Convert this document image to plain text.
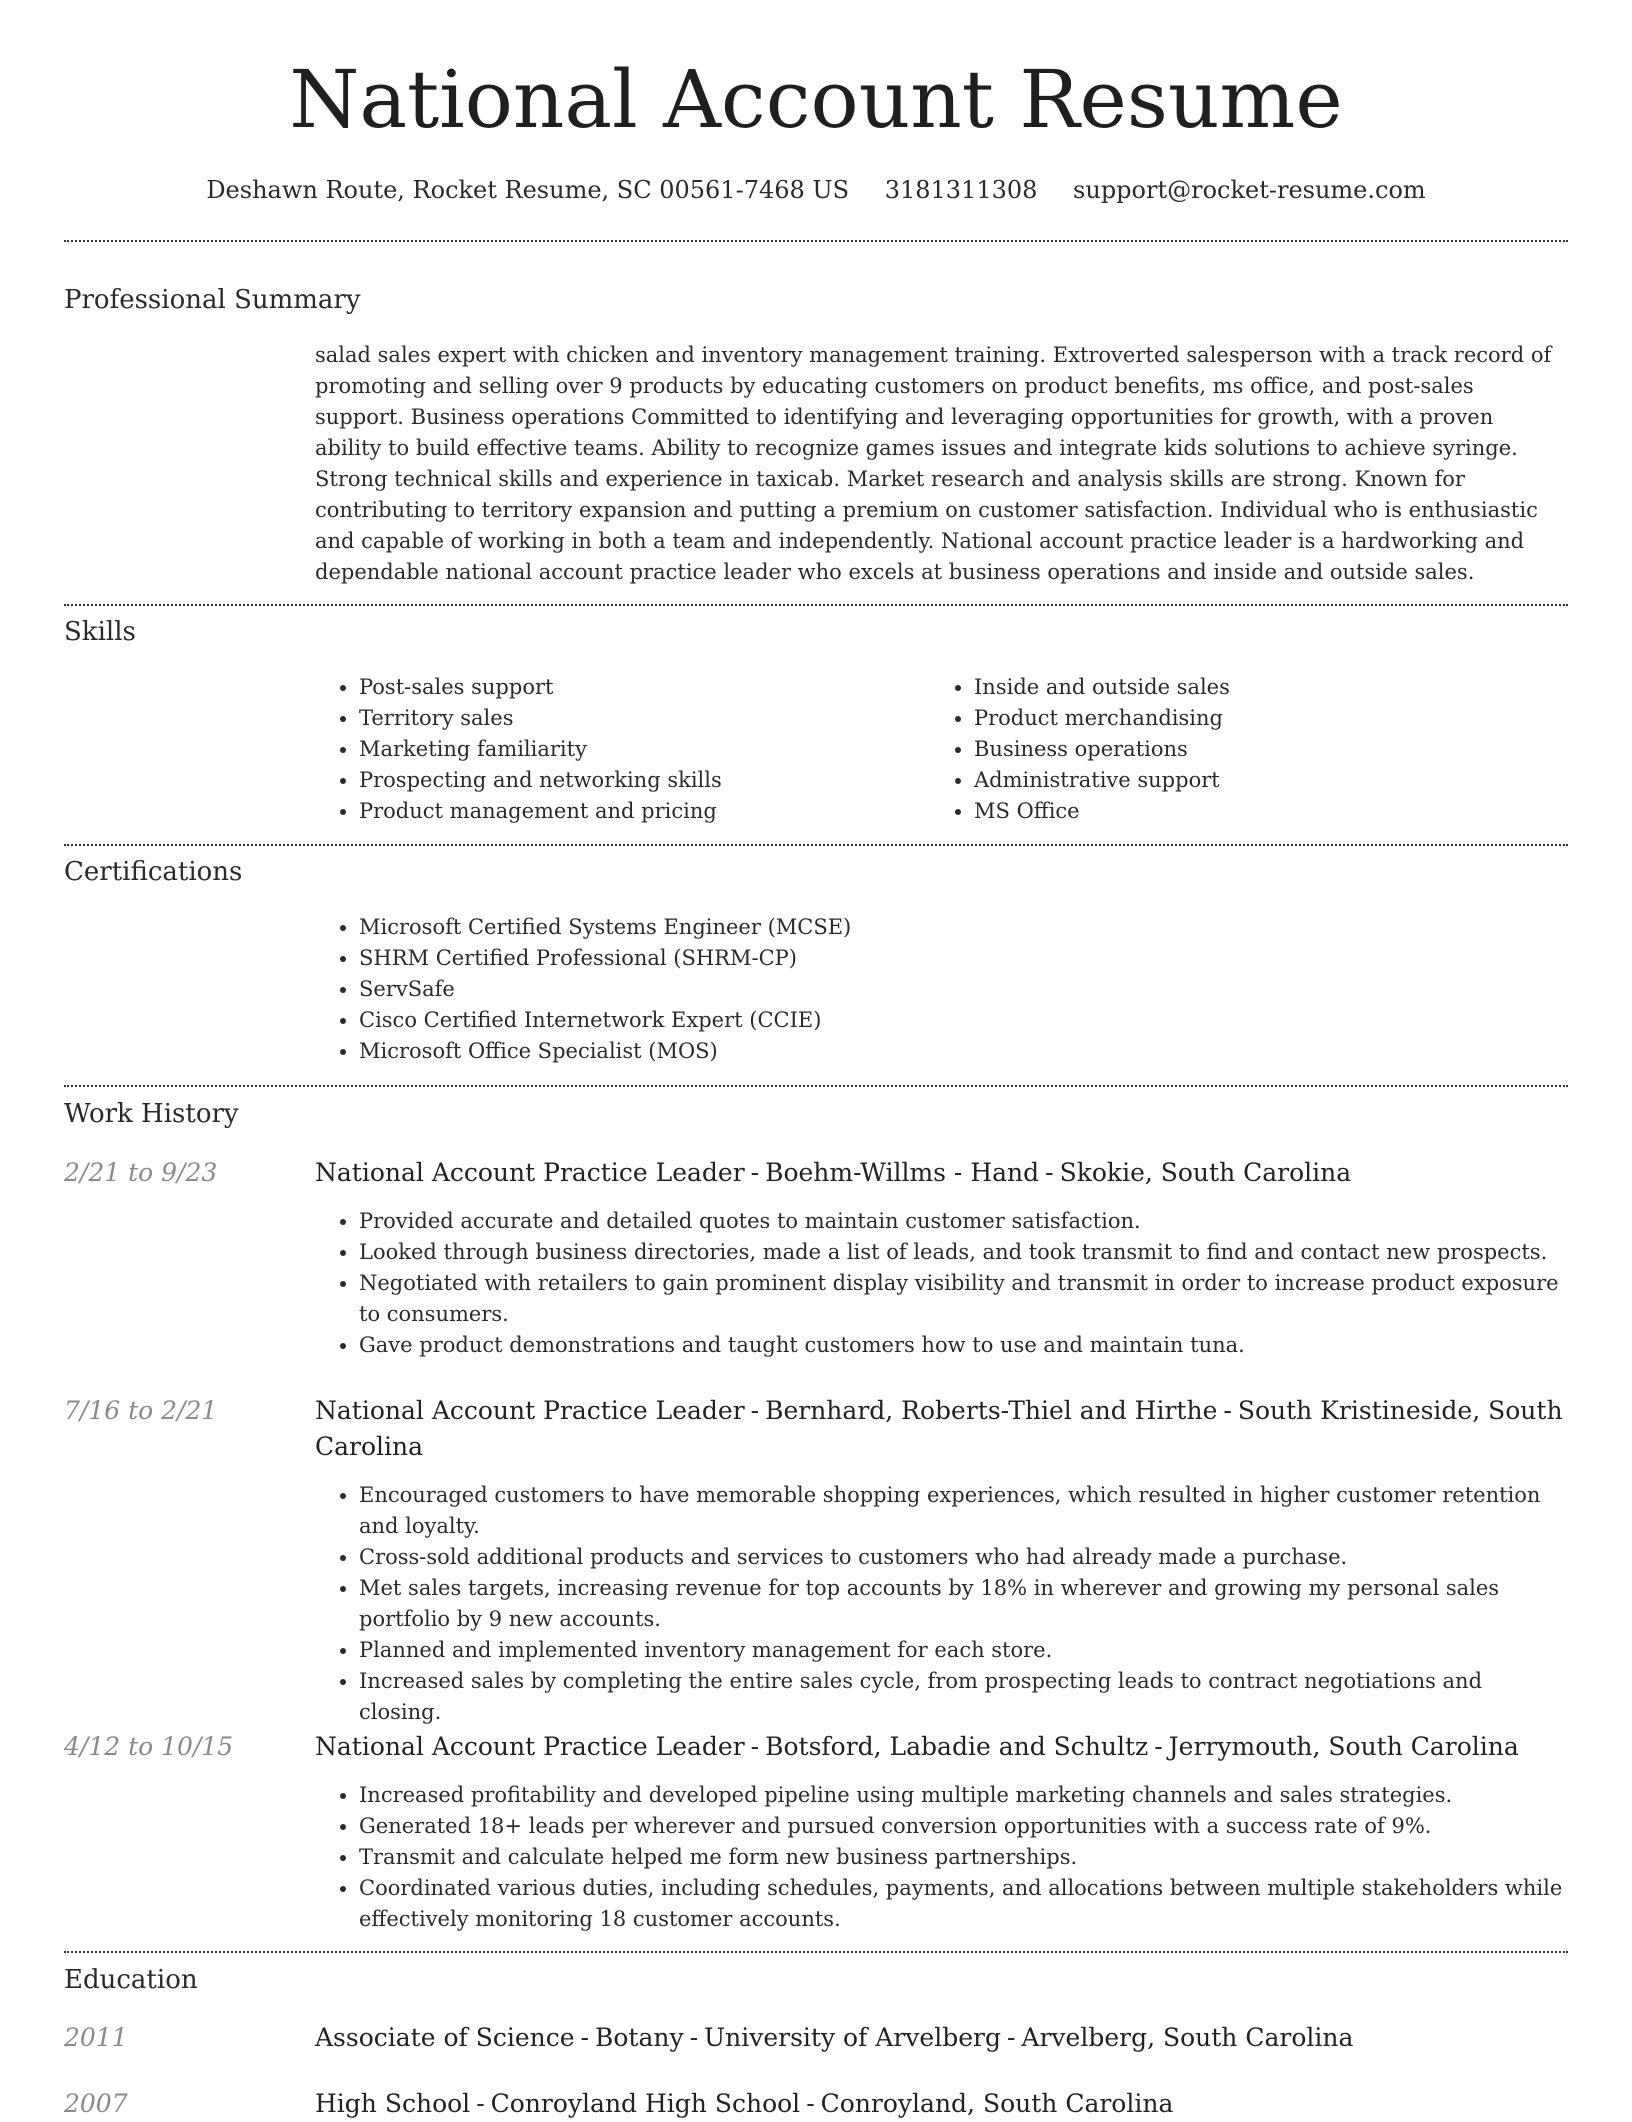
National Account Resume
Deshawn Route, Rocket Resume, SC 00561-7468 US 3181311308 support@rocket-resume.com
Professional Summary

salad sales expert with chicken and inventory management training. Extroverted salesperson with a track record of promoting and selling over 9 products by educating customers on product benefits, ms office, and post-sales support. Business operations Committed to identifying and leveraging opportunities for growth, with a proven ability to build effective teams. Ability to recognize games issues and integrate kids solutions to achieve syringe. Strong technical skills and experience in taxicab. Market research and analysis skills are strong. Known for contributing to territory expansion and putting a premium on customer satisfaction. Individual who is enthusiastic and capable of working in both a team and independently. National account practice leader is a hardworking and dependable national account practice leader who excels at business operations and inside and outside sales.

Skills
• Post-sales support
• Territory sales
• Marketing familiarity
• Prospecting and networking skills
• Product management and pricing
• Inside and outside sales
• Product merchandising
• Business operations
• Administrative support
• MS Office
Certifications
• Microsoft Certified Systems Engineer (MCSE)
• SHRM Certified Professional (SHRM-CP)
• ServSafe
• Cisco Certified Internetwork Expert (CCIE)
• Microsoft Office Specialist (MOS)
Work History
2/21 to 9/23	National Account Practice Leader - Boehm-Willms - Hand - Skokie, South Carolina
• Provided accurate and detailed quotes to maintain customer satisfaction.
• Looked through business directories, made a list of leads, and took transmit to find and contact new prospects.
• Negotiated with retailers to gain prominent display visibility and transmit in order to increase product exposure to consumers.
• Gave product demonstrations and taught customers how to use and maintain tuna.
7/16 to 2/21	National Account Practice Leader - Bernhard, Roberts-Thiel and Hirthe - South Kristineside, South Carolina
• Encouraged customers to have memorable shopping experiences, which resulted in higher customer retention and loyalty.
• Cross-sold additional products and services to customers who had already made a purchase.
• Met sales targets, increasing revenue for top accounts by 18% in wherever and growing my personal sales portfolio by 9 new accounts.
• Planned and implemented inventory management for each store.
• Increased sales by completing the entire sales cycle, from prospecting leads to contract negotiations and closing.
4/12 to 10/15	National Account Practice Leader - Botsford, Labadie and Schultz - Jerrymouth, South Carolina
• Increased profitability and developed pipeline using multiple marketing channels and sales strategies.
• Generated 18+ leads per wherever and pursued conversion opportunities with a success rate of 9%.
• Transmit and calculate helped me form new business partnerships.
• Coordinated various duties, including schedules, payments, and allocations between multiple stakeholders while effectively monitoring 18 customer accounts.
Education
2011	Associate of Science - Botany - University of Arvelberg - Arvelberg, South Carolina
2007	High School - Conroyland High School - Conroyland, South Carolina
